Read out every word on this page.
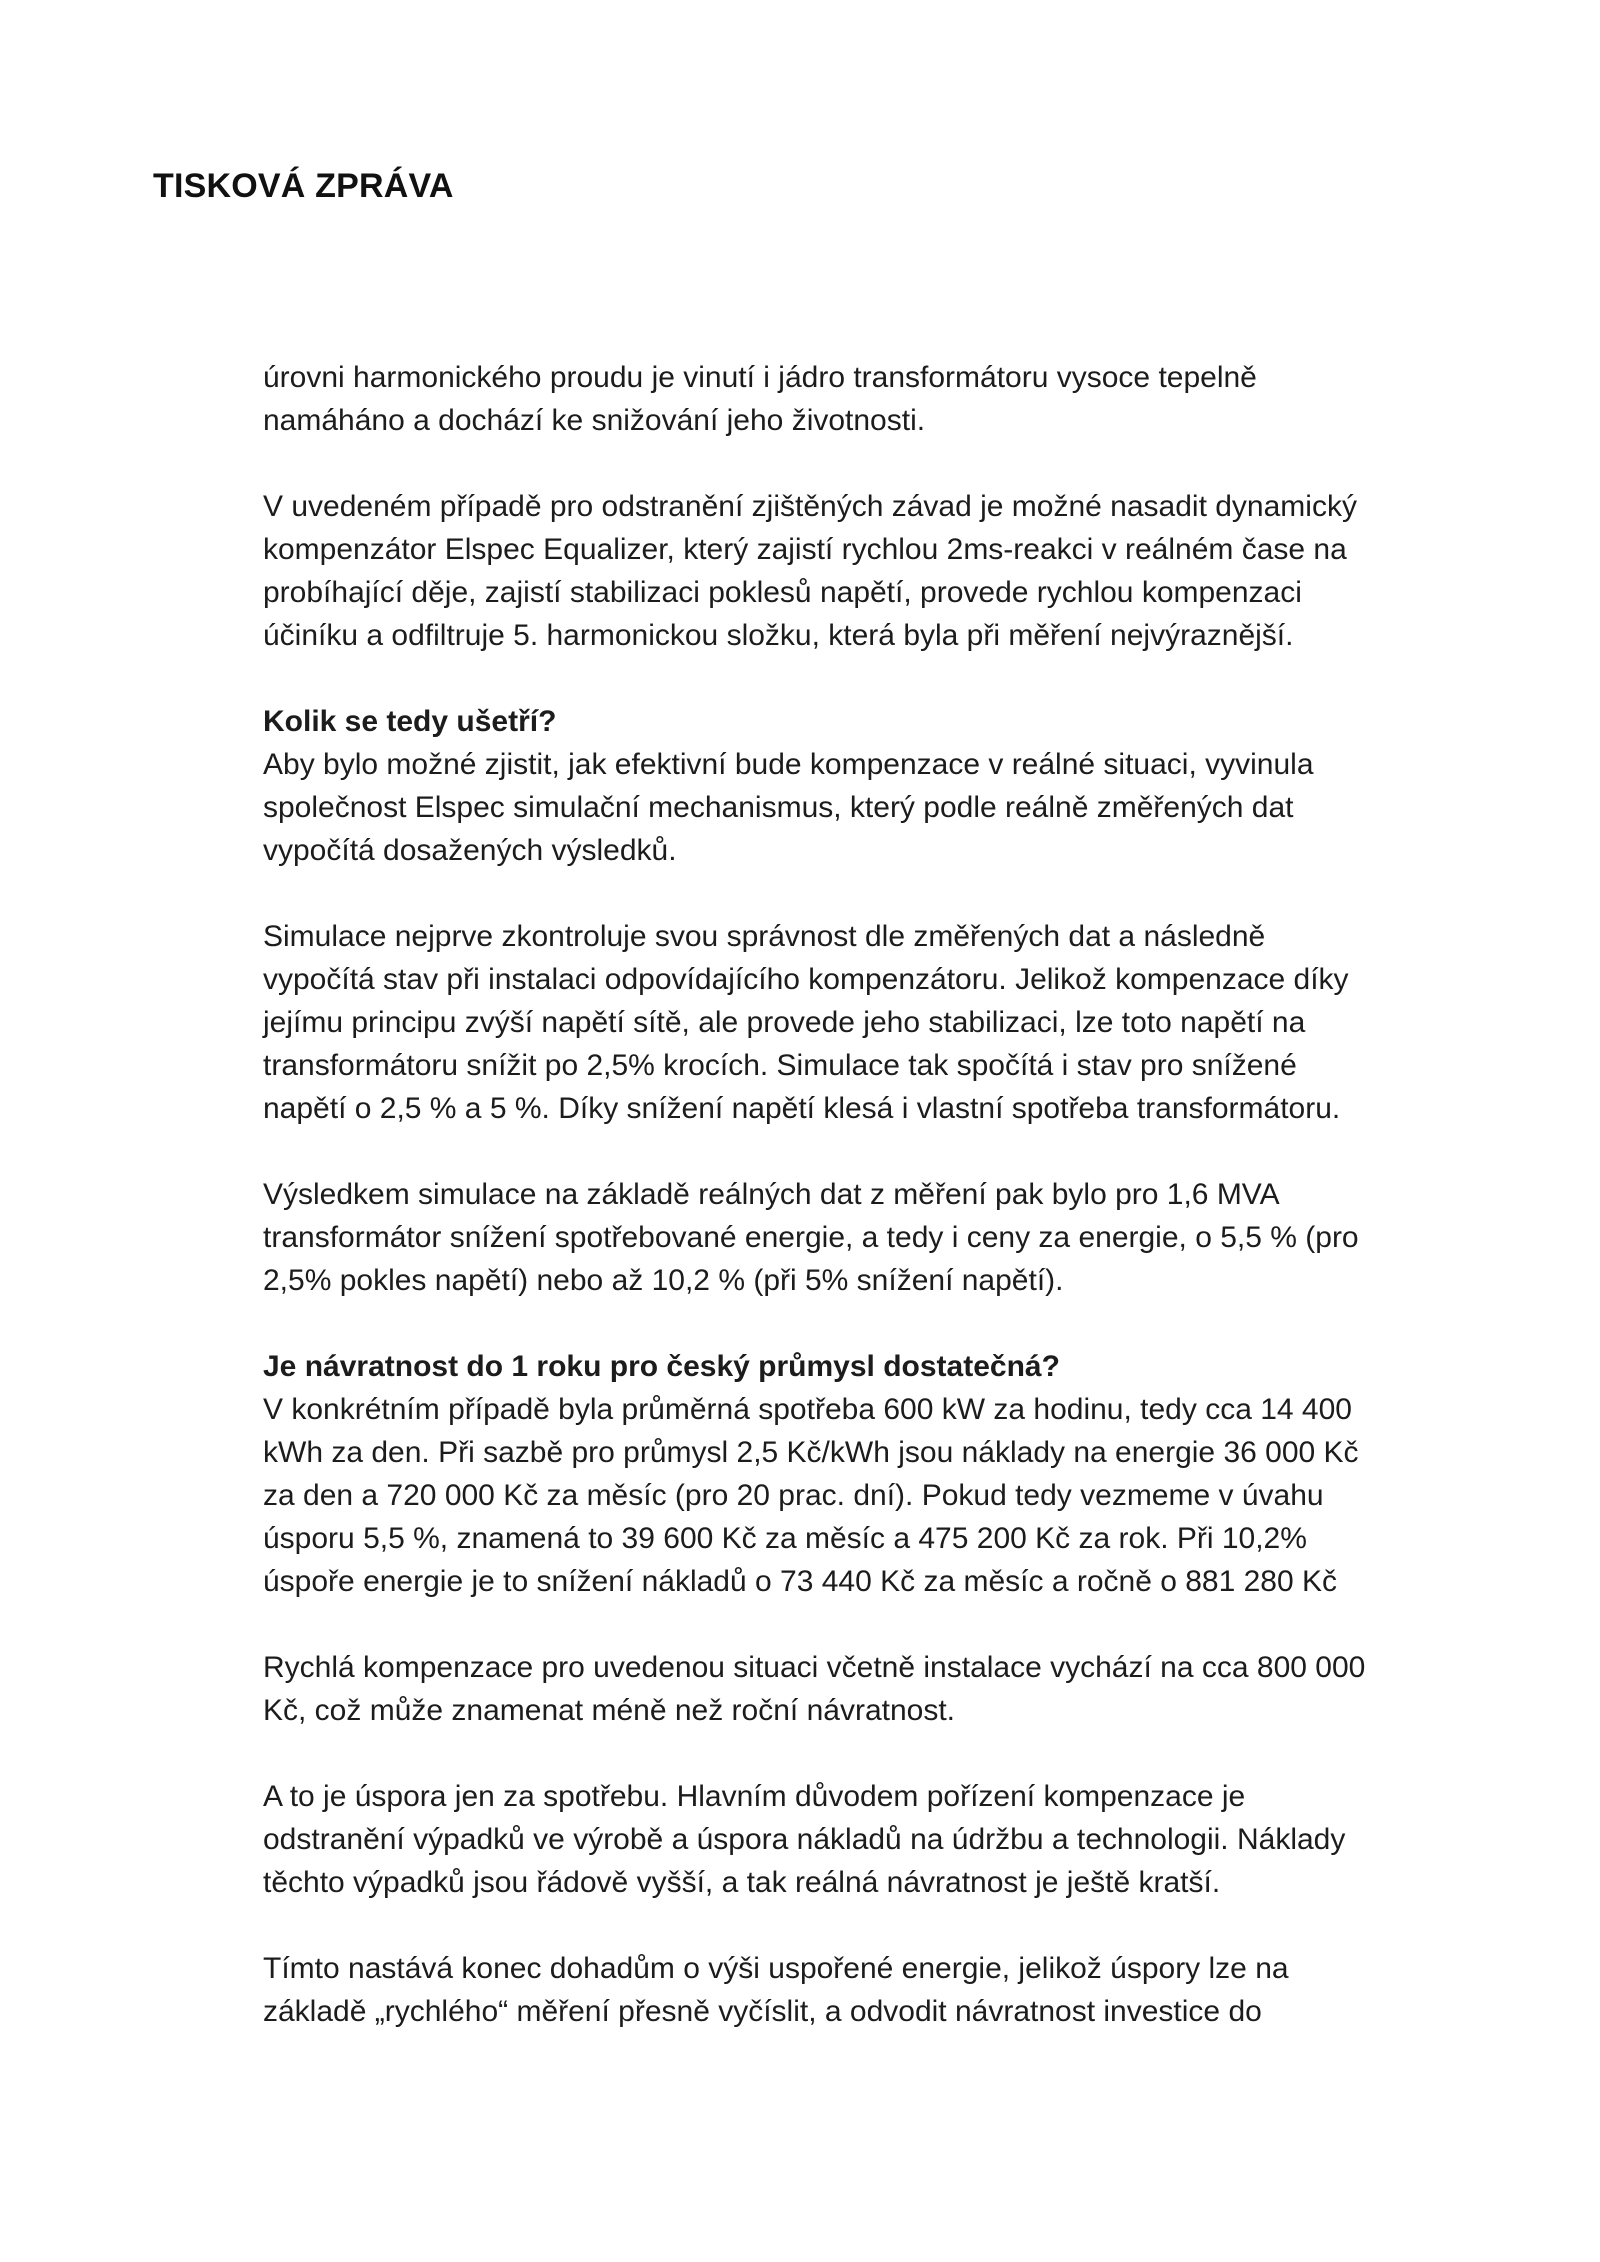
TISKOVÁ ZPRÁVA

úrovni harmonického proudu je vinutí i jádro transformátoru vysoce tepelně
namáháno a dochází ke snižování jeho životnosti.

V uvedeném případě pro odstranění zjištěných závad je možné nasadit dynamický
kompenzátor Elspec Equalizer, který zajistí rychlou 2ms-reakci v reálném čase na
probíhající děje, zajistí stabilizaci poklesů napětí, provede rychlou kompenzaci
účiníku a odfiltruje 5. harmonickou složku, která byla při měření nejvýraznější.

Kolik se tedy ušetří?
Aby bylo možné zjistit, jak efektivní bude kompenzace v reálné situaci, vyvinula
společnost Elspec simulační mechanismus, který podle reálně změřených dat
vypočítá dosažených výsledků.

Simulace nejprve zkontroluje svou správnost dle změřených dat a následně
vypočítá stav při instalaci odpovídajícího kompenzátoru. Jelikož kompenzace díky
jejímu principu zvýší napětí sítě, ale provede jeho stabilizaci, lze toto napětí na
transformátoru snížit po 2,5% krocích. Simulace tak spočítá i stav pro snížené
napětí o 2,5 % a 5 %. Díky snížení napětí klesá i vlastní spotřeba transformátoru.

Výsledkem simulace na základě reálných dat z měření pak bylo pro 1,6 MVA
transformátor snížení spotřebované energie, a tedy i ceny za energie, o 5,5 % (pro
2,5% pokles napětí) nebo až 10,2 % (při 5% snížení napětí).

Je návratnost do 1 roku pro český průmysl dostatečná?
V konkrétním případě byla průměrná spotřeba 600 kW za hodinu, tedy cca 14 400
kWh za den. Při sazbě pro průmysl 2,5 Kč/kWh jsou náklady na energie 36 000 Kč
za den a 720 000 Kč za měsíc (pro 20 prac. dní). Pokud tedy vezmeme v úvahu
úsporu 5,5 %, znamená to 39 600 Kč za měsíc a 475 200 Kč za rok. Při 10,2%
úspoře energie je to snížení nákladů o 73 440 Kč za měsíc a ročně o 881 280 Kč

Rychlá kompenzace pro uvedenou situaci včetně instalace vychází na cca 800 000
Kč, což může znamenat méně než roční návratnost.

A to je úspora jen za spotřebu. Hlavním důvodem pořízení kompenzace je
odstranění výpadků ve výrobě a úspora nákladů na údržbu a technologii. Náklady
těchto výpadků jsou řádově vyšší, a tak reálná návratnost je ještě kratší.

Tímto nastává konec dohadům o výši uspořené energie, jelikož úspory lze na
základě „rychlého“ měření přesně vyčíslit, a odvodit návratnost investice do
